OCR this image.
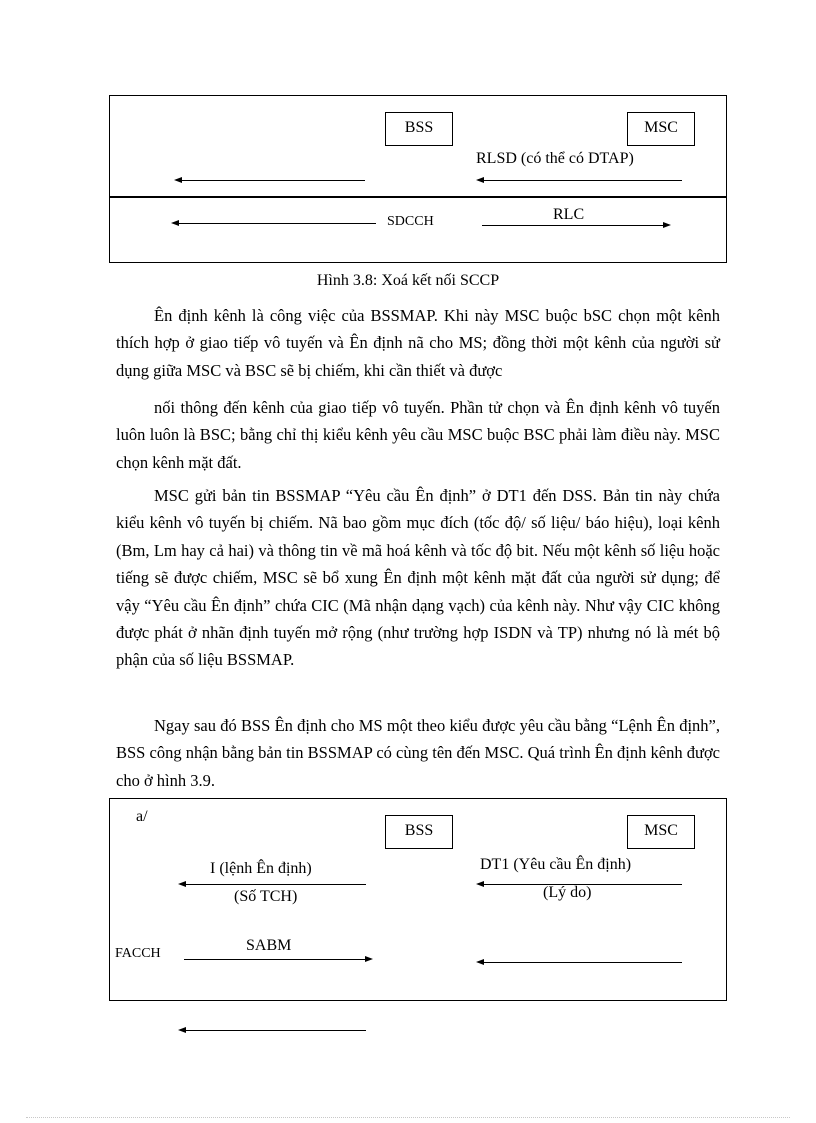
BSS	MSC
RLSD (có thể có DTAP)
SDCCH	RLC
Hình 3.8: Xoá kết nối SCCP

Ên định kênh là công việc của BSSMAP. Khi này MSC buộc bSC chọn một kênh thích hợp ở giao tiếp vô tuyến và Ên định nã cho MS; đồng thời một kênh của người sử dụng giữa MSC và BSC sẽ bị chiếm, khi cần thiết và được

nối thông đến kênh của giao tiếp vô tuyến. Phần tử chọn và Ên định kênh vô tuyến luôn luôn là BSC; bằng chỉ thị kiểu kênh yêu cầu MSC buộc BSC phải làm điều này. MSC chọn kênh mặt đất.

MSC gửi bản tin BSSMAP “Yêu cầu Ên định” ở DT1 đến DSS. Bản tin này chứa kiểu kênh vô tuyến bị chiếm. Nã bao gồm mục đích (tốc độ/ số liệu/ báo hiệu), loại kênh (Bm, Lm hay cả hai) và thông tin về mã hoá kênh và tốc độ bit. Nếu một kênh số liệu hoặc tiếng sẽ được chiếm, MSC sẽ bổ xung Ên định một kênh mặt đất của người sử dụng; để vậy “Yêu cầu Ên định” chứa CIC (Mã nhận dạng vạch) của kênh này. Như vậy CIC không được phát ở nhãn định tuyến mở rộng (như trường hợp ISDN và TP) nhưng nó là mét bộ phận của số liệu BSSMAP.

Ngay sau đó BSS Ên định cho MS một theo kiểu được yêu cầu bằng “Lệnh Ên định”, BSS công nhận bằng bản tin BSSMAP có cùng tên đến MSC. Quá trình Ên định kênh được cho ở hình 3.9.

a/
BSS	MSC
I (lệnh Ên định)
(Số TCH)
DT1 (Yêu cầu Ên định)
(Lý do)
FACCH	SABM
